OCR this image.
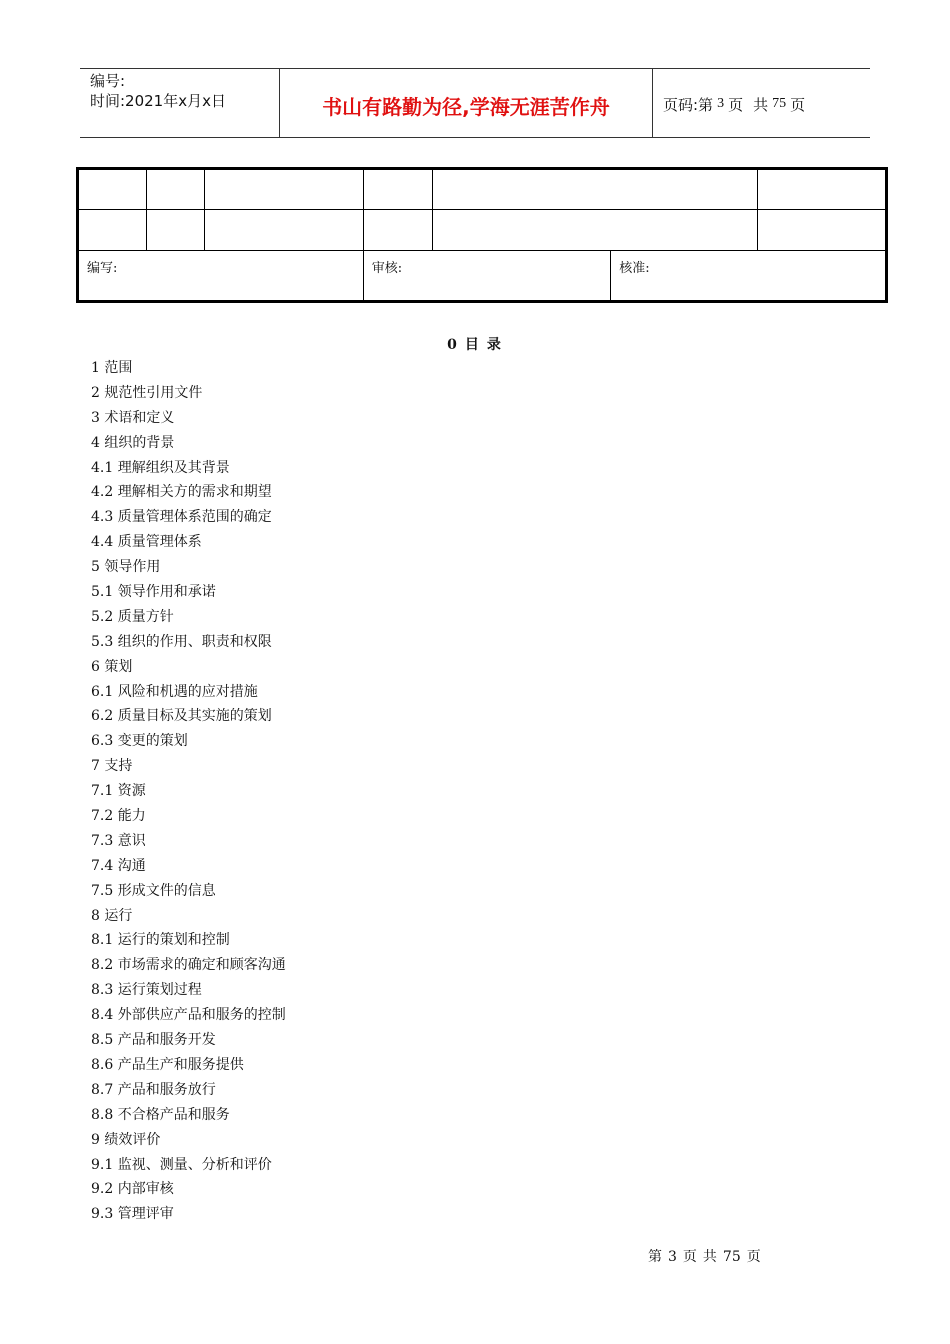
编号:
时间:2021年x月x日	书山有路勤为径,学海无涯苦作舟	页码:第 3 页 共 75 页

编写:			审核:		核准:	
0 目 录
1 范围
2 规范性引用文件
3 术语和定义
4 组织的背景
4.1 理解组织及其背景
4.2 理解相关方的需求和期望
4.3 质量管理体系范围的确定
4.4 质量管理体系
5 领导作用
5.1 领导作用和承诺
5.2 质量方针
5.3 组织的作用、职责和权限
6 策划
6.1 风险和机遇的应对措施
6.2 质量目标及其实施的策划
6.3 变更的策划
7 支持
7.1 资源
7.2 能力
7.3 意识
7.4 沟通
7.5 形成文件的信息
8 运行
8.1 运行的策划和控制
8.2 市场需求的确定和顾客沟通
8.3 运行策划过程
8.4 外部供应产品和服务的控制
8.5 产品和服务开发
8.6 产品生产和服务提供
8.7 产品和服务放行
8.8 不合格产品和服务
9 绩效评价
9.1 监视、测量、分析和评价
9.2 内部审核
9.3 管理评审
第 3 页 共 75 页
